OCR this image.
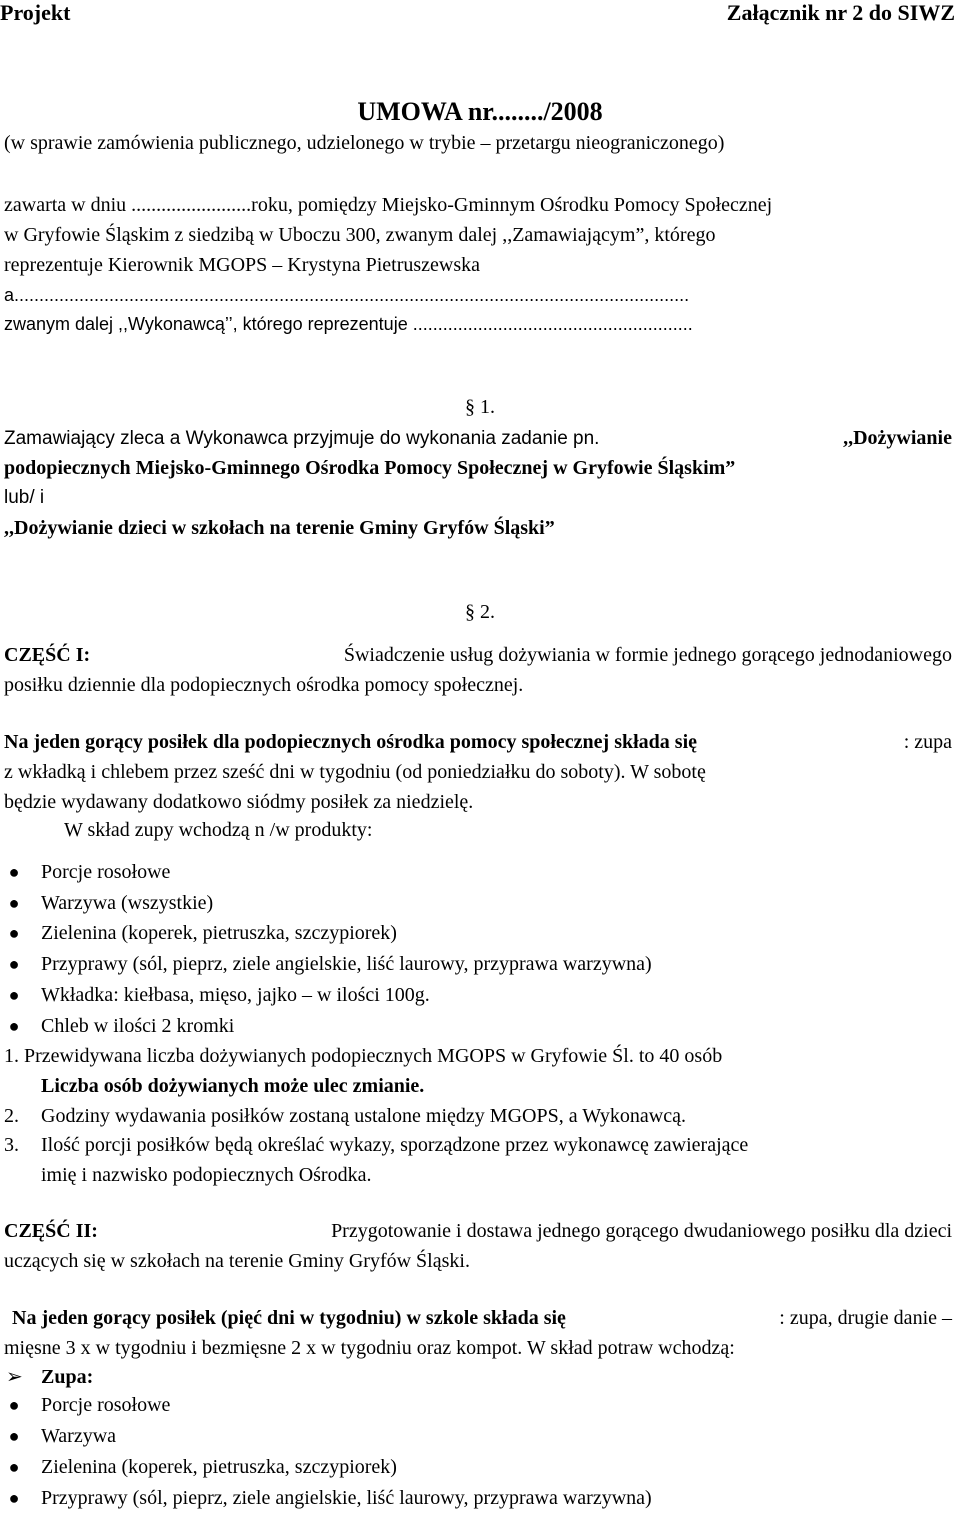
Projekt	Załącznik nr 2 do SIWZ
UMOWA nr......../2008
(w sprawie zamówienia publicznego, udzielonego w trybie – przetargu nieograniczonego)
zawarta w dniu ........................roku, pomiędzy Miejsko-Gminnym Ośrodku Pomocy Społecznej
w Gryfowie Śląskim z siedzibą w Uboczu 300, zwanym dalej ,,Zamawiającym”, którego
reprezentuje Kierownik MGOPS – Krystyna Pietruszewska
a.......................................................................................................................................
zwanym dalej ,,Wykonawcą’’, którego reprezentuje ........................................................
§ 1.
Zamawiający zleca a Wykonawca przyjmuje do wykonania zadanie pn.	,,Dożywianie
podopiecznych Miejsko-Gminnego Ośrodka Pomocy Społecznej w Gryfowie Śląskim”
lub/ i
,,Dożywianie dzieci w szkołach na terenie Gminy Gryfów Śląski”
§ 2.
CZĘŚĆ I:	Świadczenie usług dożywiania w formie jednego gorącego jednodaniowego
posiłku dziennie dla podopiecznych ośrodka pomocy społecznej.
Na jeden gorący posiłek dla podopiecznych ośrodka pomocy społecznej składa się	: zupa
z wkładką i chlebem przez sześć dni w tygodniu (od poniedziałku do soboty). W sobotę
będzie wydawany dodatkowo siódmy posiłek za niedzielę.
W skład zupy wchodzą n /w produkty:
● Porcje rosołowe
● Warzywa (wszystkie)
● Zielenina (koperek, pietruszka, szczypiorek)
● Przyprawy (sól, pieprz, ziele angielskie, liść laurowy, przyprawa warzywna)
● Wkładka: kiełbasa, mięso, jajko – w ilości 100g.
● Chleb w ilości 2 kromki
1. Przewidywana liczba dożywianych podopiecznych MGOPS w Gryfowie Śl. to 40 osób
Liczba osób dożywianych może ulec zmianie.
2. Godziny wydawania posiłków zostaną ustalone między MGOPS, a Wykonawcą.
3. Ilość porcji posiłków będą określać wykazy, sporządzone przez wykonawcę zawierające
imię i nazwisko podopiecznych Ośrodka.
CZĘŚĆ II:	Przygotowanie i dostawa jednego gorącego dwudaniowego posiłku dla dzieci
uczących się w szkołach na terenie Gminy Gryfów Śląski.
Na jeden gorący posiłek (pięć dni w tygodniu) w szkole składa się	: zupa, drugie danie –
mięsne 3 x w tygodniu i bezmięsne 2 x w tygodniu oraz kompot. W skład potraw wchodzą:
➢ Zupa:
● Porcje rosołowe
● Warzywa
● Zielenina (koperek, pietruszka, szczypiorek)
● Przyprawy (sól, pieprz, ziele angielskie, liść laurowy, przyprawa warzywna)
